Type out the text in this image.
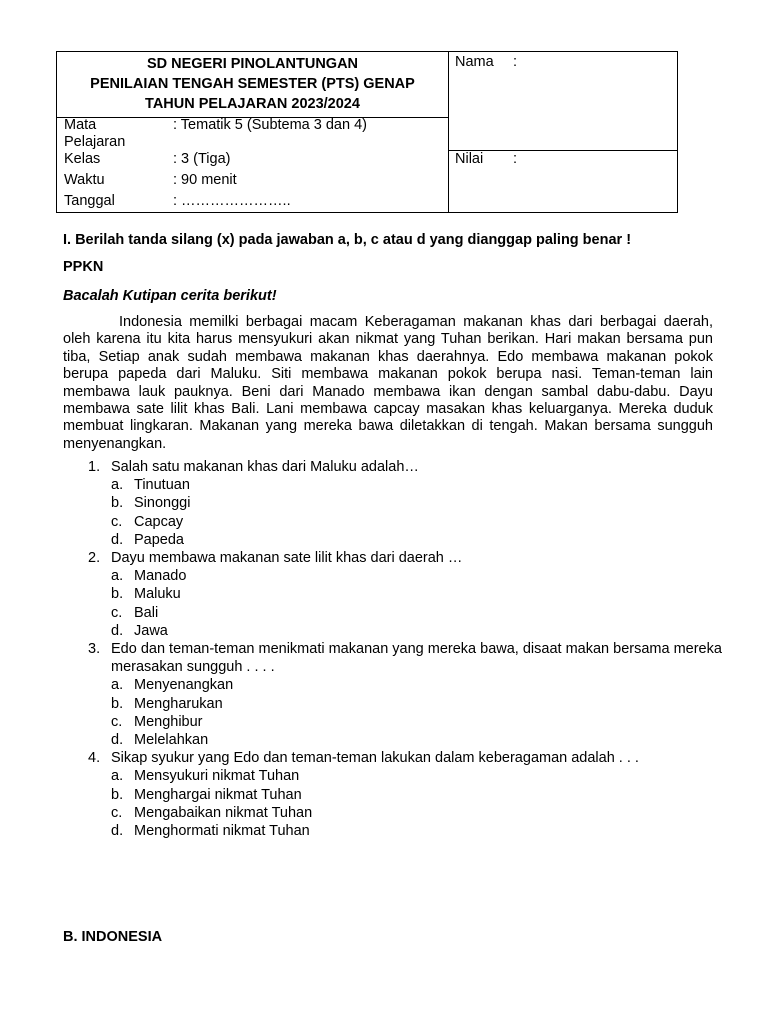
SD NEGERI PINOLANTUNGAN
PENILAIAN TENGAH SEMESTER (PTS) GENAP
TAHUN PELAJARAN 2023/2024
Mata
Pelajaran
: Tematik 5 (Subtema 3 dan 4)
Kelas	: 3 (Tiga)
Waktu	: 90 menit
Tanggal	: …………………..
Nama :
Nilai :
I. Berilah tanda silang (x) pada jawaban a, b, c atau d yang dianggap paling benar !
PPKN
Bacalah Kutipan cerita berikut!

Indonesia memilki berbagai macam Keberagaman makanan khas dari berbagai daerah, oleh karena itu kita harus mensyukuri akan nikmat yang Tuhan berikan. Hari makan bersama pun tiba, Setiap anak sudah membawa makanan khas daerahnya. Edo membawa makanan pokok berupa papeda dari Maluku. Siti membawa makanan pokok berupa nasi. Teman-teman lain membawa lauk pauknya. Beni dari Manado membawa ikan dengan sambal dabu-dabu. Dayu membawa sate lilit khas Bali. Lani membawa capcay masakan khas keluarganya. Mereka duduk membuat lingkaran. Makanan yang mereka bawa diletakkan di tengah. Makan bersama sungguh menyenangkan.

1. Salah satu makanan khas dari Maluku adalah…
a. Tinutuan
b. Sinonggi
c. Capcay
d. Papeda
2. Dayu membawa makanan sate lilit khas dari daerah …
a. Manado
b. Maluku
c. Bali
d. Jawa
3. Edo dan teman-teman menikmati makanan yang mereka bawa, disaat makan bersama mereka merasakan sungguh . . . .
a. Menyenangkan
b. Mengharukan
c. Menghibur
d. Melelahkan
4. Sikap syukur yang Edo dan teman-teman lakukan dalam keberagaman adalah . . .
a. Mensyukuri nikmat Tuhan
b. Menghargai nikmat Tuhan
c. Mengabaikan nikmat Tuhan
d. Menghormati nikmat Tuhan
B. INDONESIA
